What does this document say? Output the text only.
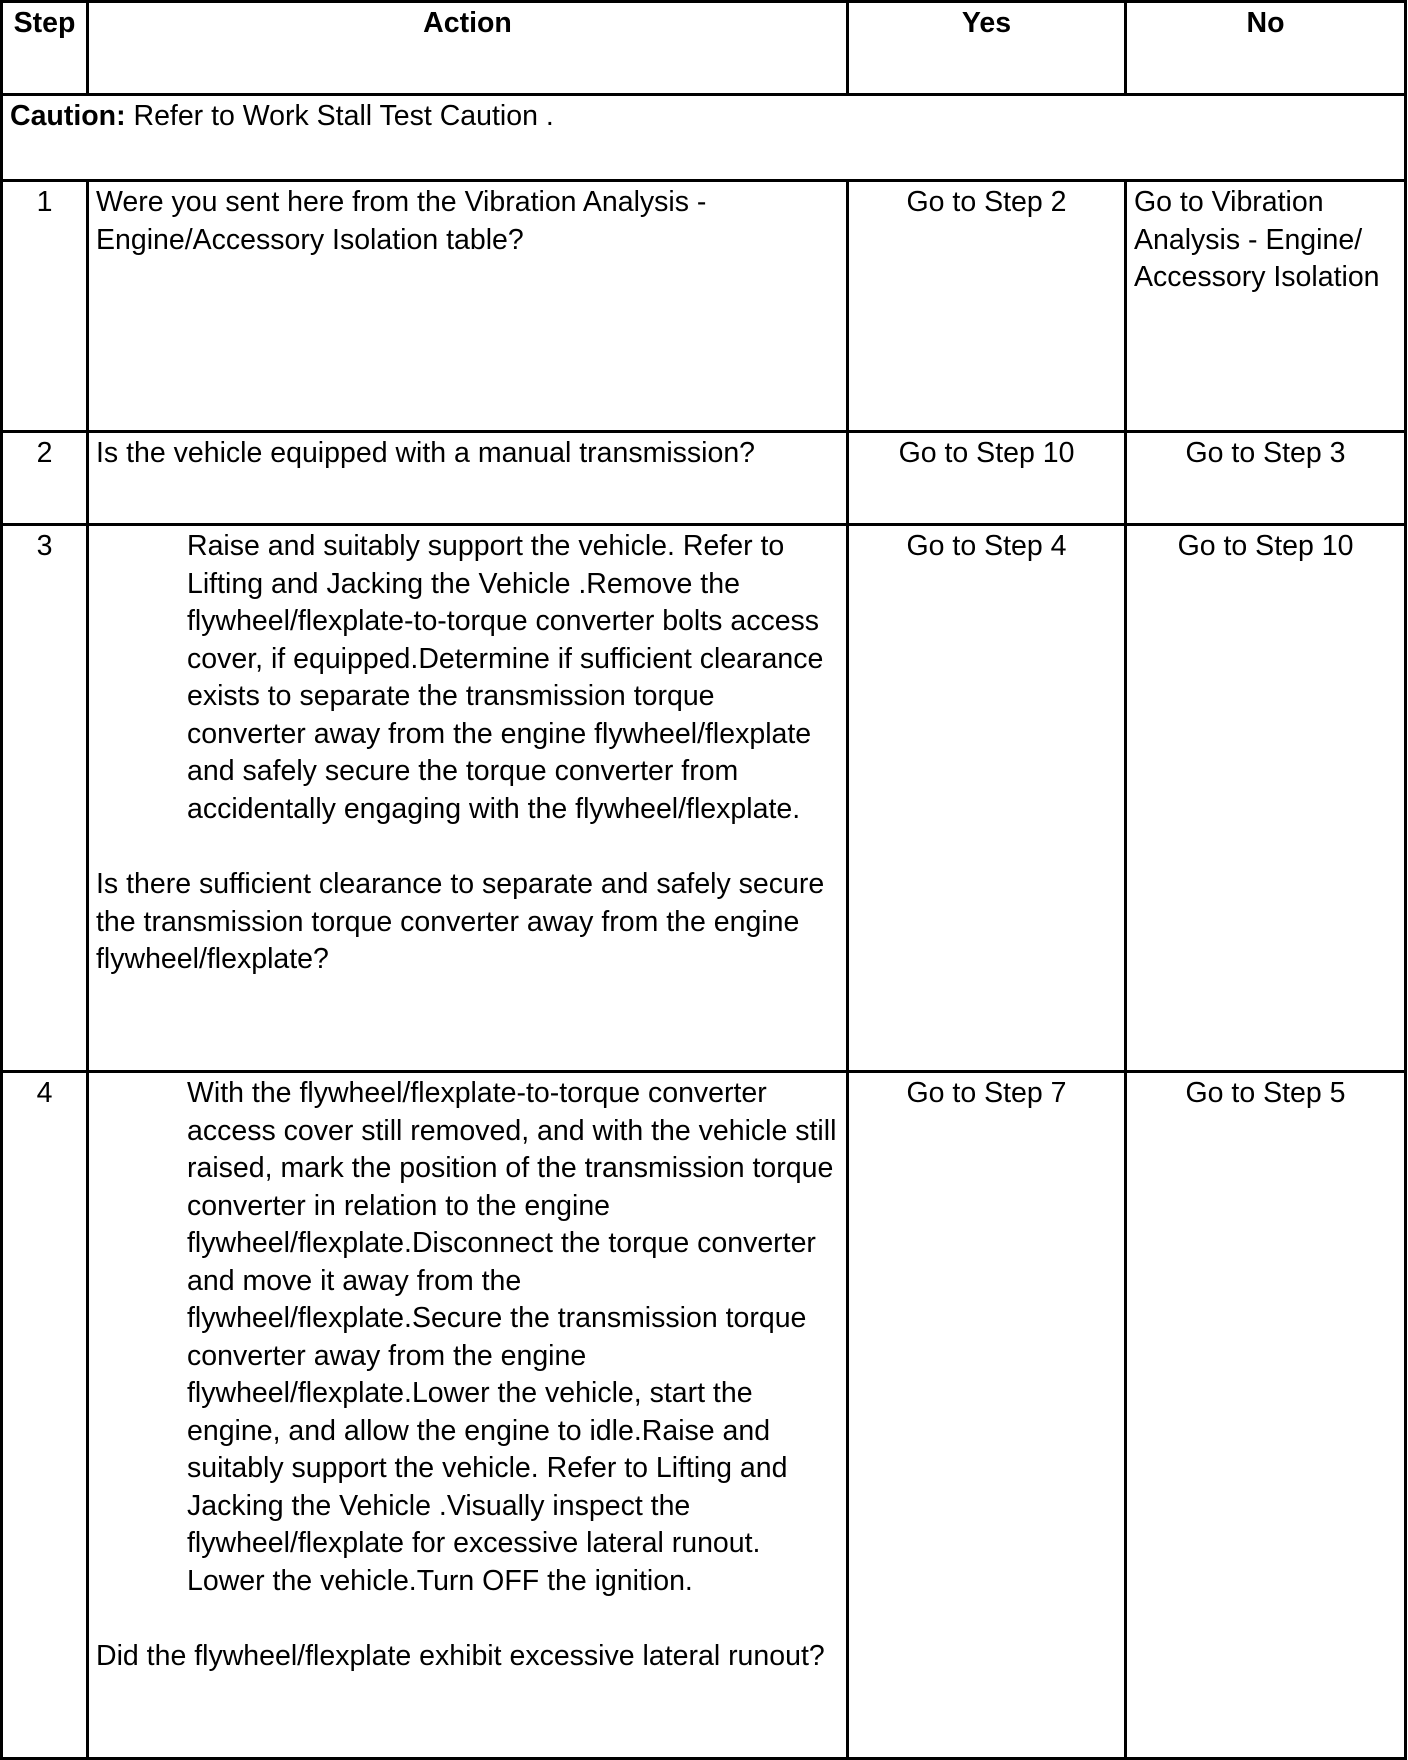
Step	Action	Yes	No
Caution: Refer to Work Stall Test Caution .			
1	Were you sent here from the Vibration Analysis - Engine/Accessory Isolation table?	Go to Step 2	Go to Vibration Analysis - Engine/ Accessory Isolation
2	Is the vehicle equipped with a manual transmission?	Go to Step 10	Go to Step 3
3	Raise and suitably support the vehicle. Refer to Lifting and Jacking the Vehicle .Remove the flywheel/flexplate-to-torque converter bolts access cover, if equipped.Determine if sufficient clearance exists to separate the transmission torque converter away from the engine flywheel/flexplate and safely secure the torque converter from accidentally engaging with the flywheel/flexplate.

Is there sufficient clearance to separate and safely secure the transmission torque converter away from the engine flywheel/flexplate?	Go to Step 4	Go to Step 10
4	With the flywheel/flexplate-to-torque converter access cover still removed, and with the vehicle still raised, mark the position of the transmission torque converter in relation to the engine flywheel/flexplate.Disconnect the torque converter and move it away from the flywheel/flexplate.Secure the transmission torque converter away from the engine flywheel/flexplate.Lower the vehicle, start the engine, and allow the engine to idle.Raise and suitably support the vehicle. Refer to Lifting and Jacking the Vehicle .Visually inspect the flywheel/flexplate for excessive lateral runout. Lower the vehicle.Turn OFF the ignition.

Did the flywheel/flexplate exhibit excessive lateral runout?	Go to Step 7	Go to Step 5
